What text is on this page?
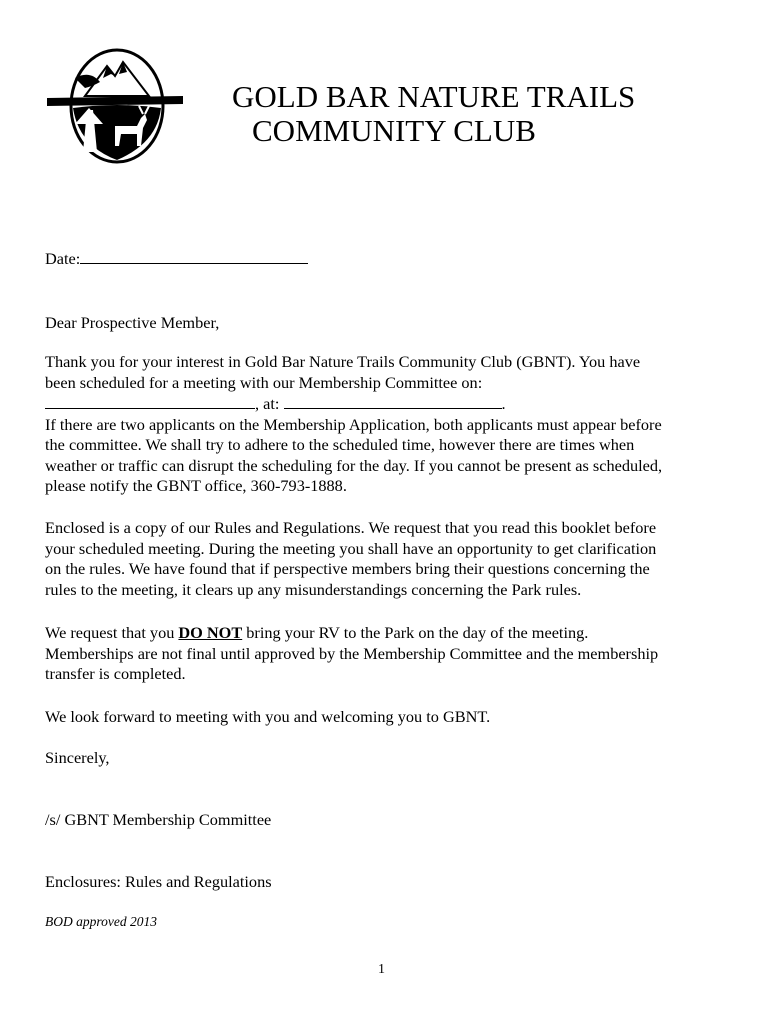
GOLD BAR NATURE TRAILS
COMMUNITY CLUB
Date:
Dear Prospective Member,
Thank you for your interest in Gold Bar Nature Trails Community Club (GBNT). You have
been scheduled for a meeting with our Membership Committee on:
, at:	.
If there are two applicants on the Membership Application, both applicants must appear before
the committee. We shall try to adhere to the scheduled time, however there are times when
weather or traffic can disrupt the scheduling for the day. If you cannot be present as scheduled,
please notify the GBNT office, 360-793-1888.
Enclosed is a copy of our Rules and Regulations. We request that you read this booklet before
your scheduled meeting. During the meeting you shall have an opportunity to get clarification
on the rules. We have found that if perspective members bring their questions concerning the
rules to the meeting, it clears up any misunderstandings concerning the Park rules.
We request that you DO NOT bring your RV to the Park on the day of the meeting.
Memberships are not final until approved by the Membership Committee and the membership
transfer is completed.
We look forward to meeting with you and welcoming you to GBNT.
Sincerely,
/s/ GBNT Membership Committee
Enclosures: Rules and Regulations
BOD approved 2013
1
